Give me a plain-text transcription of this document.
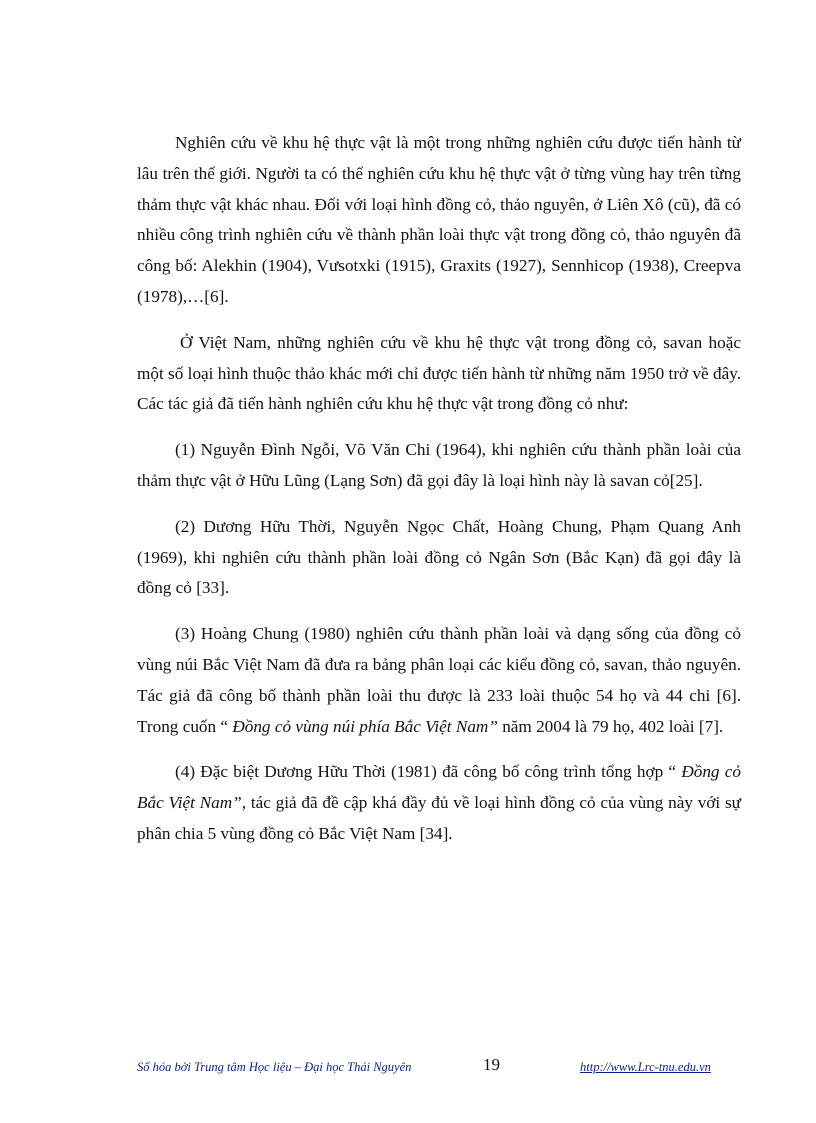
Nghiên cứu về khu hệ thực vật là một trong những nghiên cứu được tiến hành từ lâu trên thế giới. Người ta có thể nghiên cứu khu hệ thực vật ở từng vùng hay trên từng thảm thực vật khác nhau. Đối với loại hình đồng cỏ, thảo nguyên, ở Liên Xô (cũ), đã có nhiều công trình nghiên cứu về thành phần loài thực vật trong đồng cỏ, thảo nguyên đã công bố: Alekhin (1904), Vưsotxki (1915), Graxits (1927), Sennhicop (1938), Creepva (1978),…[6].

Ở Việt Nam, những nghiên cứu về khu hệ thực vật trong đồng cỏ, savan hoặc một số loại hình thuộc thảo khác mới chỉ được tiến hành từ những năm 1950 trở về đây. Các tác giả đã tiến hành nghiên cứu khu hệ thực vật trong đồng cỏ như:

(1) Nguyễn Đình Ngỗi, Võ Văn Chi (1964), khi nghiên cứu thành phần loài của thảm thực vật ở Hữu Lũng (Lạng Sơn) đã gọi đây là loại hình này là savan cỏ[25].

(2) Dương Hữu Thời, Nguyễn Ngọc Chất, Hoàng Chung, Phạm Quang Anh (1969), khi nghiên cứu thành phần loài đồng cỏ Ngân Sơn (Bắc Kạn) đã gọi đây là đồng cỏ [33].

(3) Hoàng Chung (1980) nghiên cứu thành phần loài và dạng sống của đồng cỏ vùng núi Bắc Việt Nam đã đưa ra bảng phân loại các kiểu đồng cỏ, savan, thảo nguyên. Tác giả đã công bố thành phần loài thu được là 233 loài thuộc 54 họ và 44 chi [6]. Trong cuốn “ Đồng cỏ vùng núi phía Bắc Việt Nam” năm 2004 là 79 họ, 402 loài [7].

(4) Đặc biệt Dương Hữu Thời (1981) đã công bố công trình tổng hợp “ Đồng cỏ Bắc Việt Nam”, tác giả đã đề cập khá đầy đủ về loại hình đồng cỏ của vùng này với sự phân chia 5 vùng đồng cỏ Bắc Việt Nam [34].

Số hóa bởi Trung tâm Học liệu – Đại học Thái Nguyên	19	http://www.Lrc-tnu.edu.vn
